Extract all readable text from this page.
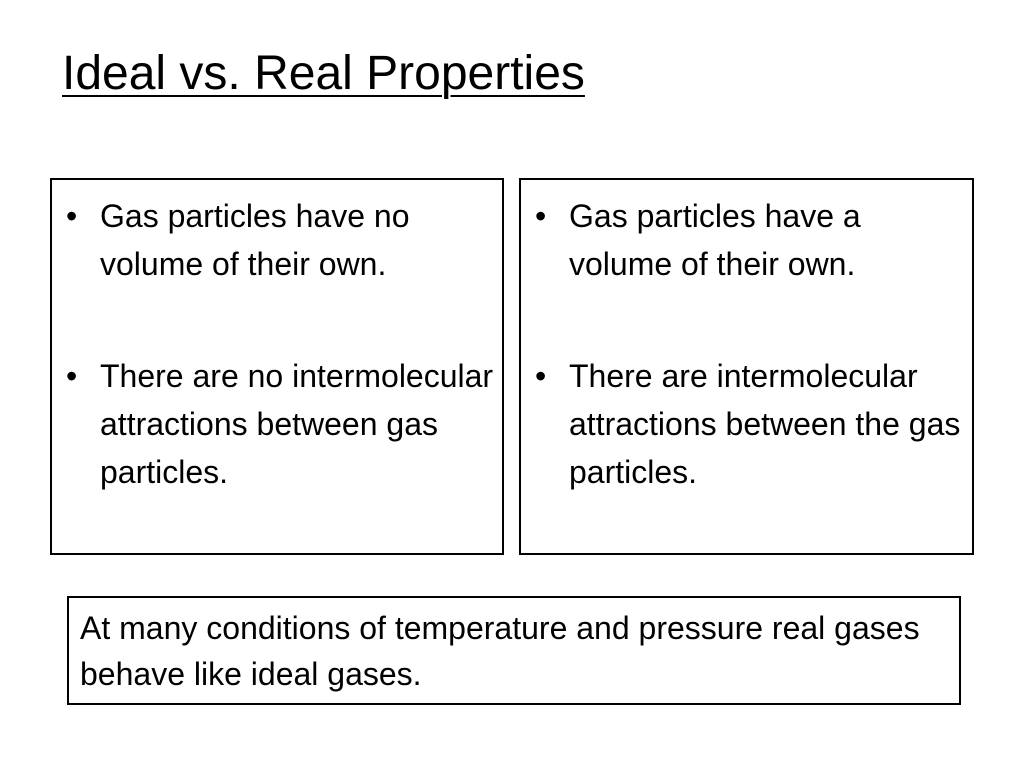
Ideal vs. Real Properties
• Gas particles have no volume of their own.
• There are no intermolecular attractions between gas particles.
• Gas particles have a volume of their own.
• There are intermolecular attractions between the gas particles.

At many conditions of temperature and pressure real gases behave like ideal gases.
